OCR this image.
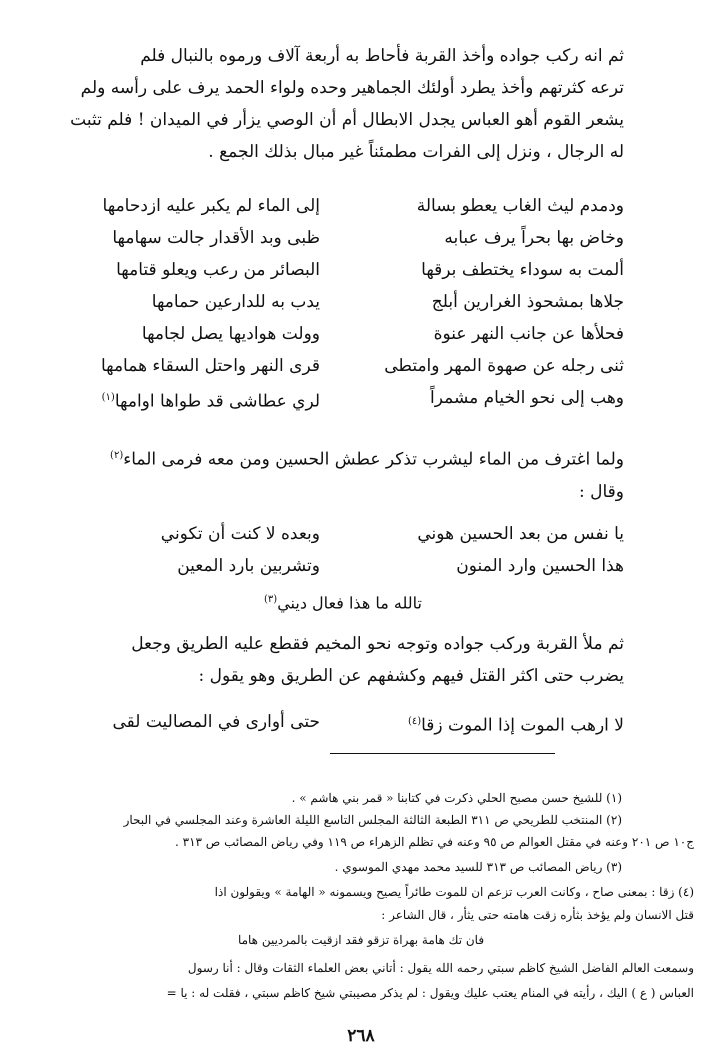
ثم انه ركب جواده وأخذ القربة فأحاط به أربعة آلاف ورموه بالنبال فلم
ترعه كثرتهم وأخذ يطرد أولئك الجماهير وحده ولواء الحمد يرف على رأسه ولم
يشعر القوم أهو العباس يجدل الابطال أم أن الوصي يزأر في الميدان ! فلم تثبت
له الرجال ، ونزل إلى الفرات مطمئناً غير مبال بذلك الجمع .
ودمدم ليث الغاب يعطو بسالة
إلى الماء لم يكبر عليه ازدحامها
وخاض بها بحراً يرف عبابه
ظبى وبد الأقدار جالت سهامها
ألمت به سوداء يختطف برقها
البصائر من رعب ويعلو قتامها
جلاها بمشحوذ الغرارين أبلج
يدب به للدارعين حمامها
فحلأها عن جانب النهر عنوة
وولت هواديها يصل لجامها
ثنى رجله عن صهوة المهر وامتطى
قرى النهر واحتل السقاء همامها
وهب إلى نحو الخيام مشمراً
لري عطاشى قد طواها اوامها$^{(١)}$
ولما اغترف من الماء ليشرب تذكر عطش الحسين ومن معه فرمى الماء$^{(٢)}$
وقال :
يا نفس من بعد الحسين هوني
وبعده لا كنت أن تكوني
هذا الحسين وارد المنون
وتشربين بارد المعين
تالله ما هذا فعال ديني$^{(٣)}$
ثم ملأ القربة وركب جواده وتوجه نحو المخيم فقطع عليه الطريق وجعل
يضرب حتى اكثر القتل فيهم وكشفهم عن الطريق وهو يقول :
لا ارهب الموت إذا الموت زقا$^{(٤)}$
حتى أوارى في المصاليت لقى
(١) للشيخ حسن مصبح الحلي ذكرت في كتابنا « قمر بني هاشم » .
(٢) المنتخب للطريحي ص ٣١١ الطبعة الثالثة المجلس التاسع الليلة العاشرة وعند المجلسي في البحار
ج١٠ ص ٢٠١ وعنه في مقتل العوالم ص ٩٥ وعنه في تظلم الزهراء ص ١١٩ وفي رياض المصائب ص ٣١٣ .
(٣) رياض المصائب ص ٣١٣ للسيد محمد مهدي الموسوي .
(٤) زقا : بمعنى صاح ، وكانت العرب تزعم ان للموت طائراً يصيح ويسمونه « الهامة » ويقولون اذا
قتل الانسان ولم يؤخذ بثأره زقت هامته حتى يثأر ، قال الشاعر :
فان تك هامة بهراة تزقو فقد ازقيت بالمرديين هاما
وسمعت العالم الفاضل الشيخ كاظم سبتي رحمه الله يقول : أتاني بعض العلماء الثقات وقال : أنا رسول
العباس ( ع ) اليك ، رأيته في المنام يعتب عليك ويقول : لم يذكر مصيبتي شيخ كاظم سبتي ، فقلت له : يا =
٢٦٨
